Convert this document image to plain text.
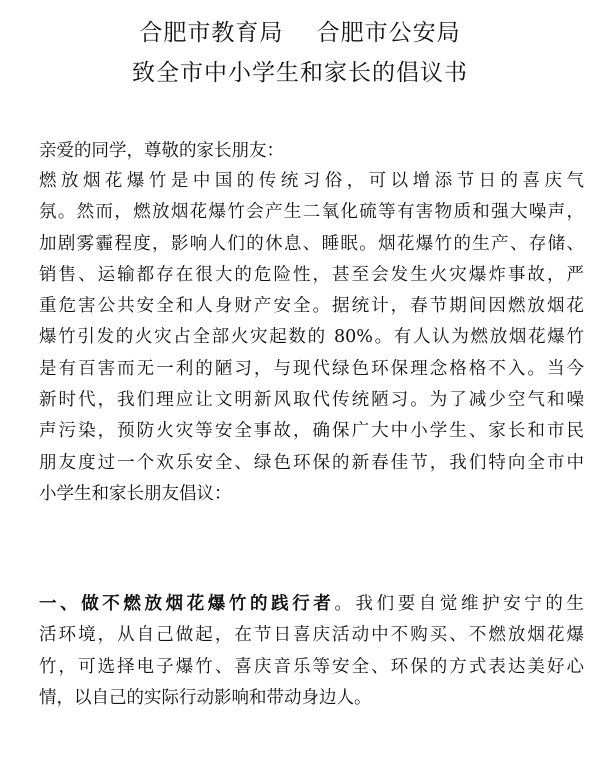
合肥市教育局    合肥市公安局
致全市中小学生和家长的倡议书
亲爱的同学，尊敬的家长朋友：
燃放烟花爆竹是中国的传统习俗，可以增添节日的喜庆气
氛。然而，燃放烟花爆竹会产生二氧化硫等有害物质和强大噪声，
加剧雾霾程度，影响人们的休息、睡眠。烟花爆竹的生产、存储、
销售、运输都存在很大的危险性，甚至会发生火灾爆炸事故，严
重危害公共安全和人身财产安全。据统计，春节期间因燃放烟花
爆竹引发的火灾占全部火灾起数的 80%。有人认为燃放烟花爆竹
是有百害而无一利的陋习，与现代绿色环保理念格格不入。当今
新时代，我们理应让文明新风取代传统陋习。为了减少空气和噪
声污染，预防火灾等安全事故，确保广大中小学生、家长和市民
朋友度过一个欢乐安全、绿色环保的新春佳节，我们特向全市中
小学生和家长朋友倡议：
一、做不燃放烟花爆竹的践行者。我们要自觉维护安宁的生
活环境，从自己做起，在节日喜庆活动中不购买、不燃放烟花爆
竹，可选择电子爆竹、喜庆音乐等安全、环保的方式表达美好心
情，以自己的实际行动影响和带动身边人。
